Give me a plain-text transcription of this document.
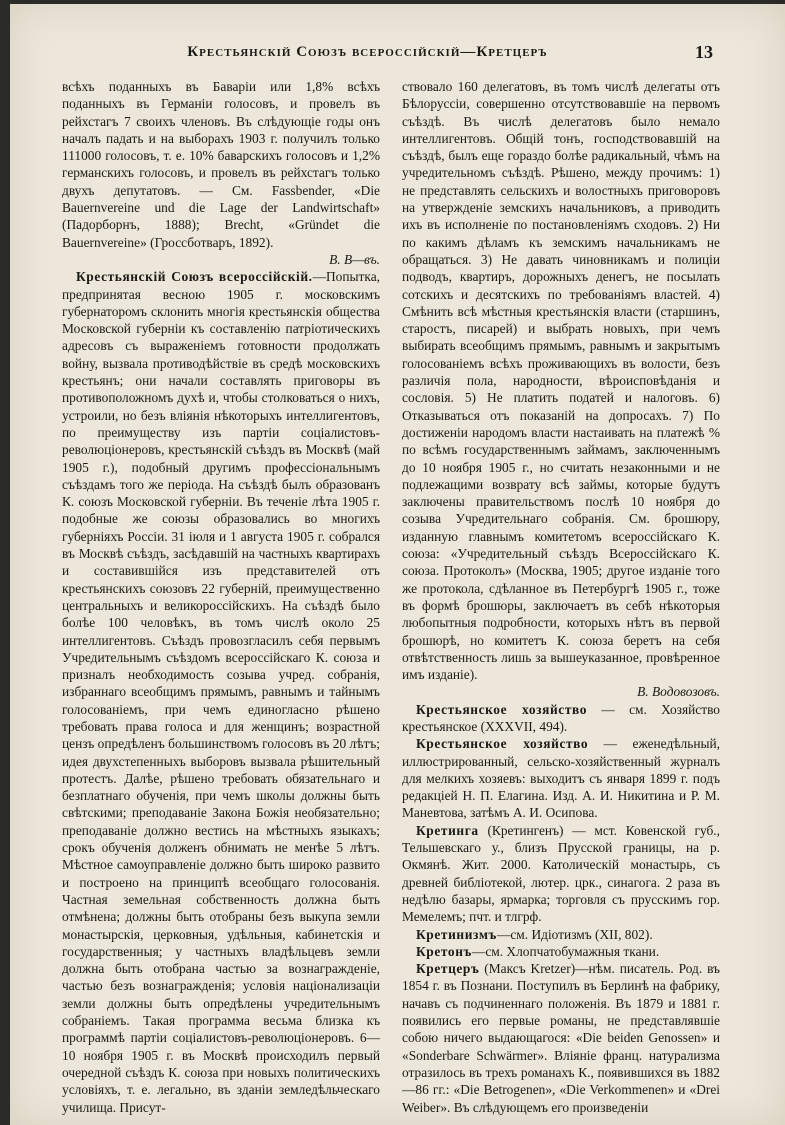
Крестьянскій Союзъ всероссійскій—Кретцеръ	13

всѣхъ поданныхъ въ Баваріи или 1,8% всѣхъ поданныхъ въ Германіи голосовъ, и провелъ въ рейхстагъ 7 своихъ членовъ. Въ слѣдующіе годы онъ началъ падать и на выборахъ 1903 г. получилъ только 111000 голосовъ, т. е. 10% баварскихъ голосовъ и 1,2% германскихъ голосовъ, и провелъ въ рейхстагъ только двухъ депутатовъ. — См. Fassbender, «Die Bauernvereine und die Lage der Landwirtschaft» (Падорборнъ, 1888); Brecht, «Gründet die Bauernvereine» (Гроссботваръ, 1892).

В. В—въ.

Крестьянскій Союзъ всероссійскій.—Попытка, предпринятая весною 1905 г. московскимъ губернаторомъ склонить многія крестьянскія общества Московской губерніи къ составленію патріотическихъ адресовъ съ выраженіемъ готовности продолжать войну, вызвала противодѣйствіе въ средѣ московскихъ крестьянъ; они начали составлять приговоры въ противоположномъ духѣ и, чтобы столковаться о нихъ, устроили, но безъ вліянія нѣкоторыхъ интеллигентовъ, по преимуществу изъ партіи соціалистовъ-революціонеровъ, крестьянскій съѣздъ въ Москвѣ (май 1905 г.), подобный другимъ профессіональнымъ съѣздамъ того же періода. На съѣздѣ былъ образованъ К. союзъ Московской губерніи. Въ теченіе лѣта 1905 г. подобные же союзы образовались во многихъ губерніяхъ Россіи. 31 іюля и 1 августа 1905 г. собрался въ Москвѣ съѣздъ, засѣдавшій на частныхъ квартирахъ и составившійся изъ представителей отъ крестьянскихъ союзовъ 22 губерній, преимущественно центральныхъ и великороссійскихъ. На съѣздѣ было болѣе 100 человѣкъ, въ томъ числѣ около 25 интеллигентовъ. Съѣздъ провозгласилъ себя первымъ Учредительнымъ съѣздомъ всероссійскаго К. союза и призналъ необходимость созыва учред. собранія, избраннаго всеобщимъ прямымъ, равнымъ и тайнымъ голосованіемъ, при чемъ единогласно рѣшено требовать права голоса и для женщинъ; возрастной цензъ опредѣленъ большинствомъ голосовъ въ 20 лѣтъ; идея двухстепенныхъ выборовъ вызвала рѣшительный протестъ. Далѣе, рѣшено требовать обязательнаго и безплатнаго обученія, при чемъ школы должны быть свѣтскими; преподаваніе Закона Божія необязательно; преподаваніе должно вестись на мѣстныхъ языкахъ; срокъ обученія долженъ обнимать не менѣе 5 лѣтъ. Мѣстное самоуправленіе должно быть широко развито и построено на принципѣ всеобщаго голосованія. Частная земельная собственность должна быть отмѣнена; должны быть отобраны безъ выкупа земли монастырскія, церковныя, удѣльныя, кабинетскія и государственныя; у частныхъ владѣльцевъ земли должна быть отобрана частью за вознагражденіе, частью безъ вознагражденія; условія націонализаціи земли должны быть опредѣлены учредительнымъ собраніемъ. Такая программа весьма близка къ программѣ партіи соціалистовъ-революціонеровъ. 6—10 ноября 1905 г. въ Москвѣ происходилъ первый очередной съѣздъ К. союза при новыхъ политическихъ условіяхъ, т. е. легально, въ зданіи земледѣльческаго училища. Присут-

ствовало 160 делегатовъ, въ томъ числѣ делегаты отъ Бѣлоруссіи, совершенно отсутствовавшіе на первомъ съѣздѣ. Въ числѣ делегатовъ было немало интеллигентовъ. Общій тонъ, господствовавшій на съѣздѣ, былъ еще гораздо болѣе радикальный, чѣмъ на учредительномъ съѣздѣ. Рѣшено, между прочимъ: 1) не представлять сельскихъ и волостныхъ приговоровъ на утвержденіе земскихъ начальниковъ, а приводить ихъ въ исполненіе по постановленіямъ сходовъ. 2) Ни по какимъ дѣламъ къ земскимъ начальникамъ не обращаться. 3) Не давать чиновникамъ и полиціи подводъ, квартиръ, дорожныхъ денегъ, не посылать сотскихъ и десятскихъ по требованіямъ властей. 4) Смѣнить всѣ мѣстныя крестьянскія власти (старшинъ, старостъ, писарей) и выбрать новыхъ, при чемъ выбирать всеобщимъ прямымъ, равнымъ и закрытымъ голосованіемъ всѣхъ проживающихъ въ волости, безъ различія пола, народности, вѣроисповѣданія и сословія. 5) Не платить податей и налоговъ. 6) Отказываться отъ показаній на допросахъ. 7) По достиженіи народомъ власти настаивать на платежѣ % по всѣмъ государственнымъ займамъ, заключеннымъ до 10 ноября 1905 г., но считать незаконными и не подлежащими возврату всѣ займы, которые будутъ заключены правительствомъ послѣ 10 ноября до созыва Учредительнаго собранія. См. брошюру, изданную главнымъ комитетомъ всероссійскаго К. союза: «Учредительный съѣздъ Всероссійскаго К. союза. Протоколъ» (Москва, 1905; другое изданіе того же протокола, сдѣланное въ Петербургѣ 1905 г., тоже въ формѣ брошюры, заключаетъ въ себѣ нѣкоторыя любопытныя подробности, которыхъ нѣтъ въ первой брошюрѣ, но комитетъ К. союза беретъ на себя отвѣтственность лишь за вышеуказанное, провѣренное имъ изданіе).

В. Водовозовъ.

Крестьянское хозяйство — см. Хозяйство крестьянское (XXXVII, 494).

Крестьянское хозяйство — еженедѣльный, иллюстрированный, сельско-хозяйственный журналъ для мелкихъ хозяевъ: выходитъ съ января 1899 г. подъ редакціей Н. П. Елагина. Изд. А. И. Никитина и Р. М. Маневтова, затѣмъ А. И. Осипова.

Кретинга (Кретингенъ) — мст. Ковенской губ., Тельшевскаго у., близъ Прусской границы, на р. Окмянѣ. Жит. 2000. Католическій монастырь, съ древней библіотекой, лютер. црк., синагога. 2 раза въ недѣлю базары, ярмарка; торговля съ прусскимъ гор. Мемелемъ; пчт. и тлгрф.

Кретинизмъ—см. Идіотизмъ (XII, 802).

Кретонъ—см. Хлопчатобумажныя ткани.

Кретцеръ (Максъ Kretzer)—нѣм. писатель. Род. въ 1854 г. въ Познани. Поступилъ въ Берлинѣ на фабрику, начавъ съ подчиненнаго положенія. Въ 1879 и 1881 г. появились его первые романы, не представлявшіе собою ничего выдающагося: «Die beiden Genossen» и «Sonderbare Schwärmer». Вліяніе франц. натурализма отразилось въ трехъ романахъ К., появившихся въ 1882—86 гг.: «Die Betrogenen», «Die Verkommenen» и «Drei Weiber». Въ слѣдующемъ его произведеніи
